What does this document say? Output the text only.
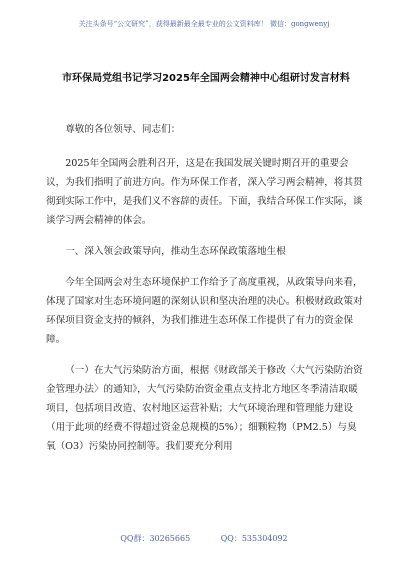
关注头条号“公文研究”，获得最新最全最专业的公文资料库！ 微信：gongwenyj
市环保局党组书记学习2025年全国两会精神中心组研讨发言材料

尊敬的各位领导、同志们：

2025年全国两会胜利召开，这是在我国发展关键时期召开的重要会议，为我们指明了前进方向。作为环保工作者，深入学习两会精神，将其贯彻到实际工作中，是我们义不容辞的责任。下面，我结合环保工作实际，谈谈学习两会精神的体会。

一、深入领会政策导向，推动生态环保政策落地生根

今年全国两会对生态环境保护工作给予了高度重视，从政策导向来看，体现了国家对生态环境问题的深刻认识和坚决治理的决心。积极财政政策对环保项目资金支持的倾斜，为我们推进生态环保工作提供了有力的资金保障。

（一）在大气污染防治方面，根据《财政部关于修改〈大气污染防治资金管理办法〉的通知》，大气污染防治资金重点支持北方地区冬季清洁取暖项目，包括项目改造、农村地区运营补贴；大气环境治理和管理能力建设（用于此项的经费不得超过资金总规模的5%）；细颗粒物（PM2.5）与臭氧（O3）污染协同控制等。我们要充分利用

QQ群：30265665	QQ：535304092
